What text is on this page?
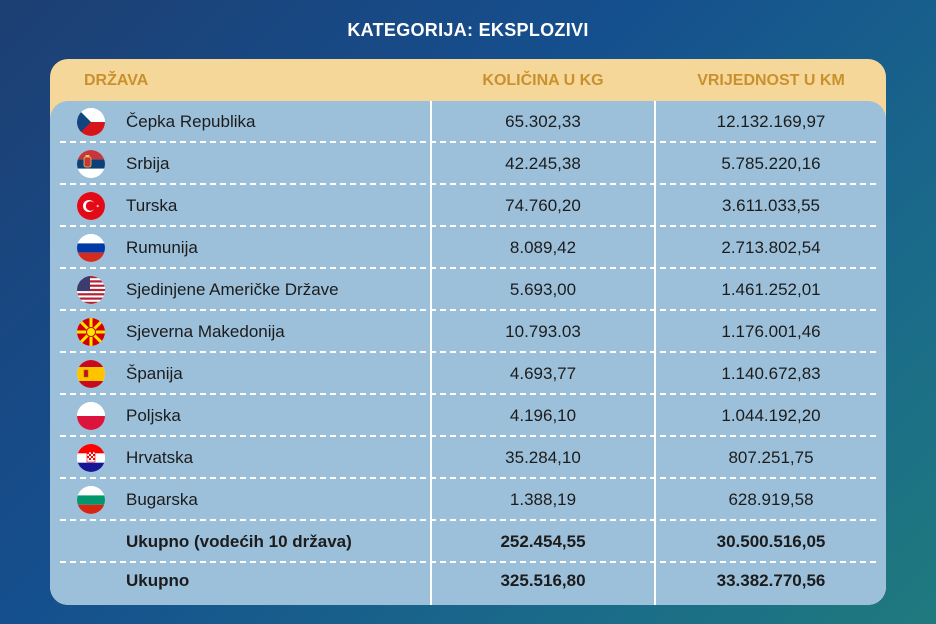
KATEGORIJA: EKSPLOZIVI
DRŽAVA	KOLIČINA U KG	VRIJEDNOST U KM
Čepka Republika	65.302,33	12.132.169,97
Srbija	42.245,38	5.785.220,16
Turska	74.760,20	3.611.033,55
Rumunija	8.089,42	2.713.802,54
Sjedinjene Američke Države	5.693,00	1.461.252,01
Sjeverna Makedonija	10.793.03	1.176.001,46
Španija	4.693,77	1.140.672,83
Poljska	4.196,10	1.044.192,20
Hrvatska	35.284,10	807.251,75
Bugarska	1.388,19	628.919,58
Ukupno (vodećih 10 država)	252.454,55	30.500.516,05
Ukupno	325.516,80	33.382.770,56
